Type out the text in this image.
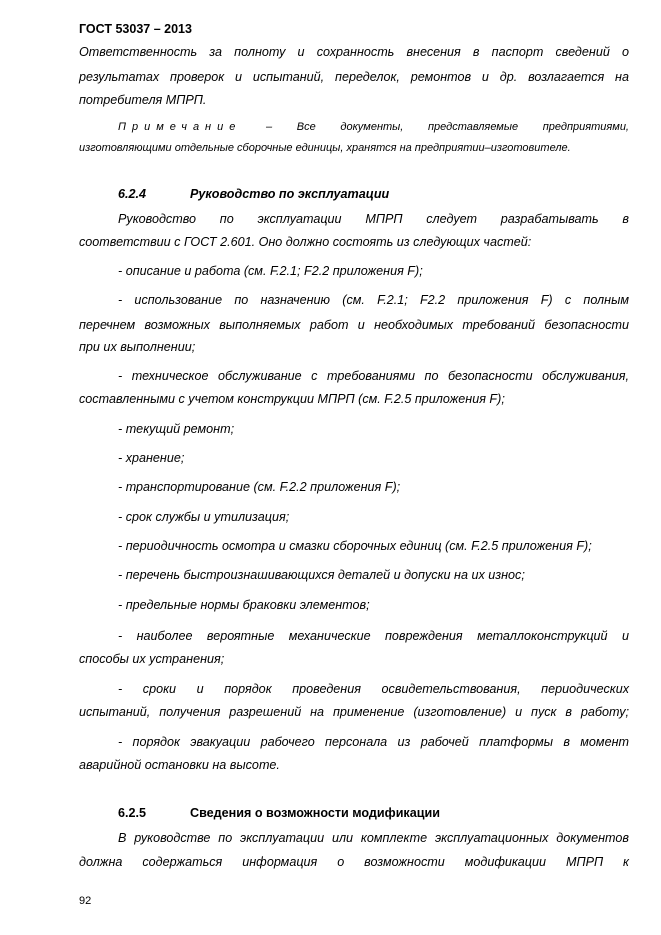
ГОСТ 53037 – 2013
Ответственность за полноту и сохранность внесения в паспорт сведений о
результатах проверок и испытаний, переделок, ремонтов и др. возлагается на
потребителя МПРП.
Примечание – Все документы, представляемые предприятиями,
изготовляющими отдельные сборочные единицы, хранятся на предприятии–изготовителе.
6.2.4	Руководство по эксплуатации
Руководство по эксплуатации МПРП следует разрабатывать в
соответствии с ГОСТ 2.601. Оно должно состоять из следующих частей:
- описание и работа (см. F.2.1; F2.2 приложения F);
- использование по назначению (см. F.2.1; F2.2 приложения F) с полным
перечнем возможных выполняемых работ и необходимых требований безопасности
при их выполнении;
- техническое обслуживание с требованиями по безопасности обслуживания,
составленными с учетом конструкции МПРП (см. F.2.5 приложения F);
- текущий ремонт;
- хранение;
- транспортирование (см. F.2.2 приложения F);
- срок службы и утилизация;
- периодичность осмотра и смазки сборочных единиц (см. F.2.5 приложения F);
- перечень быстроизнашивающихся деталей и допуски на их износ;
- предельные нормы браковки элементов;
- наиболее вероятные механические повреждения металлоконструкций и
способы их устранения;
- сроки и порядок проведения освидетельствования, периодических
испытаний, получения разрешений на применение (изготовление) и пуск в работу;
- порядок эвакуации рабочего персонала из рабочей платформы в момент
аварийной остановки на высоте.
6.2.5	Сведения о возможности модификации
В руководстве по эксплуатации или комплекте эксплуатационных документов
должна содержаться информация о возможности модификации МПРП к
92
